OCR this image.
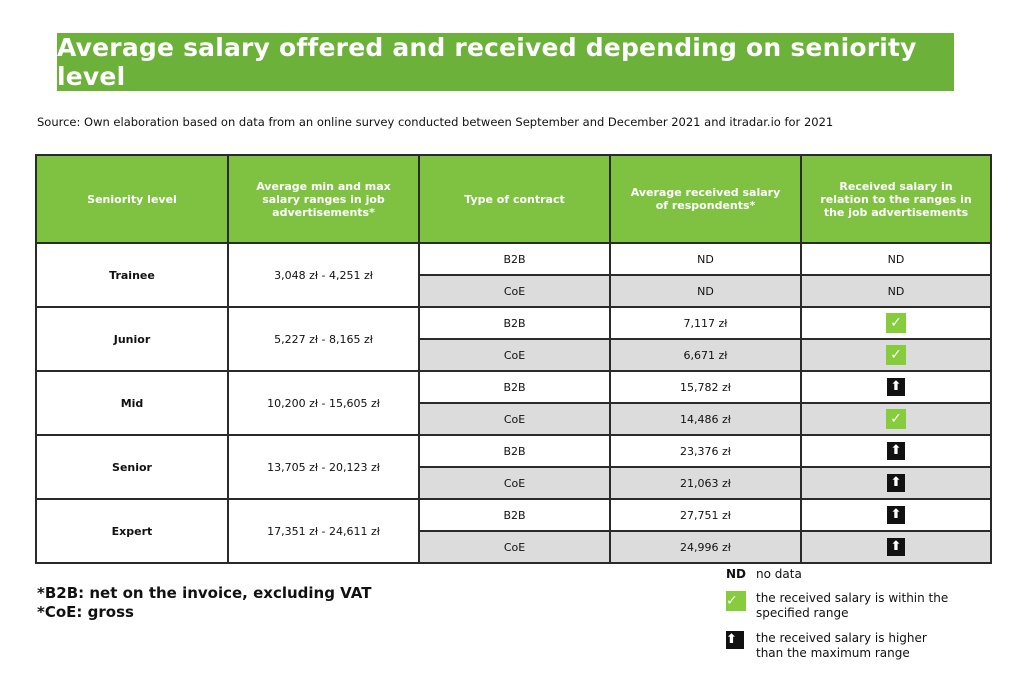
Average salary offered and received depending on seniority level
Source: Own elaboration based on data from an online survey conducted between September and December 2021 and itradar.io for 2021
Seniority level	Average min and max salary ranges in job advertisements*	Type of contract	Average received salary of respondents*	Received salary in relation to the ranges in the job advertisements
Trainee	3,048 zł - 4,251 zł	B2B	ND	ND
		CoE	ND	ND
Junior	5,227 zł - 8,165 zł	B2B	7,117 zł	✓
		CoE	6,671 zł	✓
Mid	10,200 zł - 15,605 zł	B2B	15,782 zł	⬆
		CoE	14,486 zł	✓
Senior	13,705 zł - 20,123 zł	B2B	23,376 zł	⬆
		CoE	21,063 zł	⬆
Expert	17,351 zł - 24,611 zł	B2B	27,751 zł	⬆
		CoE	24,996 zł	⬆
*B2B: net on the invoice, excluding VAT
*CoE: gross
ND no data
✓	the received salary is within the specified range
⬆	the received salary is higher than the maximum range
